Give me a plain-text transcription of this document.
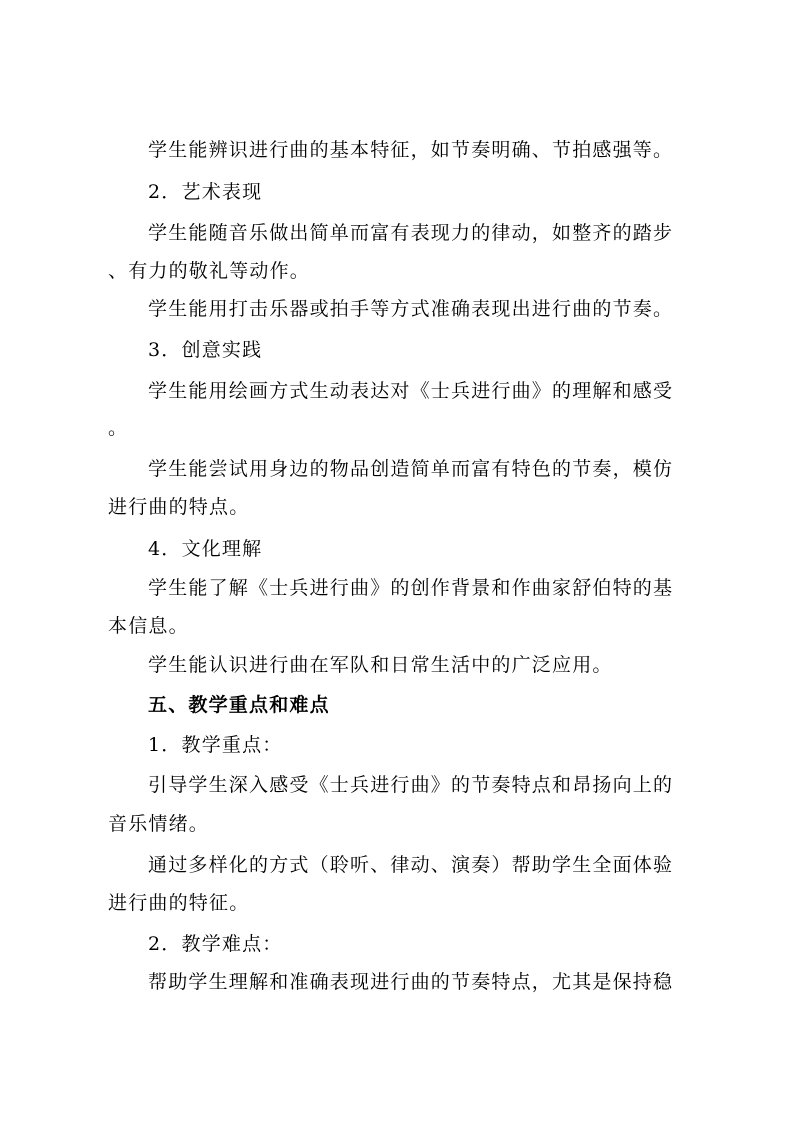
学生能辨识进行曲的基本特征，如节奏明确、节拍感强等。
2．艺术表现
学生能随音乐做出简单而富有表现力的律动，如整齐的踏步
、有力的敬礼等动作。
学生能用打击乐器或拍手等方式准确表现出进行曲的节奏。
3．创意实践
学生能用绘画方式生动表达对《士兵进行曲》的理解和感受
。
学生能尝试用身边的物品创造简单而富有特色的节奏，模仿
进行曲的特点。
4．文化理解
学生能了解《士兵进行曲》的创作背景和作曲家舒伯特的基
本信息。
学生能认识进行曲在军队和日常生活中的广泛应用。
五、教学重点和难点
1．教学重点：
引导学生深入感受《士兵进行曲》的节奏特点和昂扬向上的
音乐情绪。
通过多样化的方式（聆听、律动、演奏）帮助学生全面体验
进行曲的特征。
2．教学难点：
帮助学生理解和准确表现进行曲的节奏特点，尤其是保持稳
